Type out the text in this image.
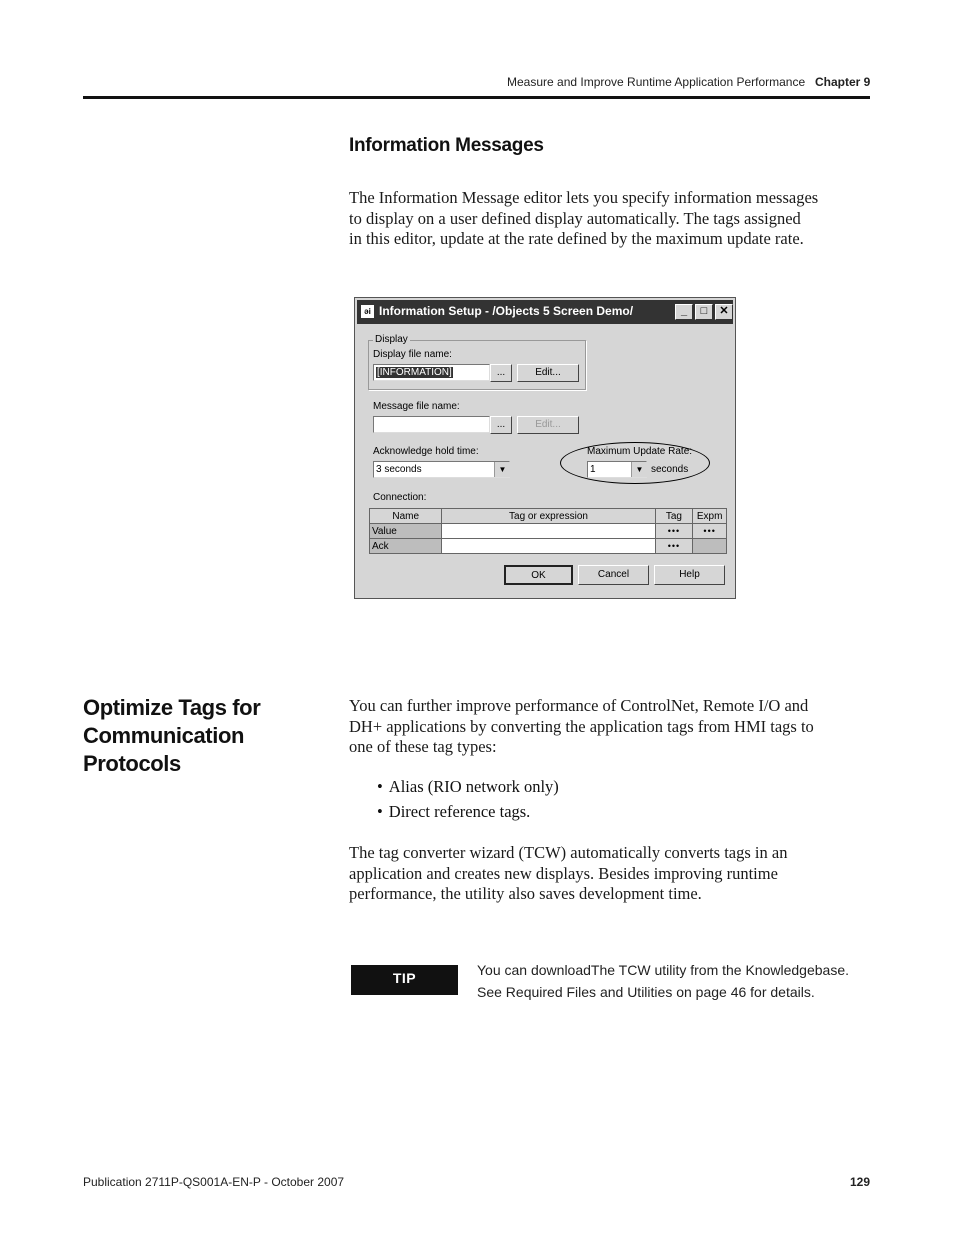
Measure and Improve Runtime Application Performance Chapter 9
Information Messages

The Information Message editor lets you specify information messages

to display on a user defined display automatically. The tags assigned

in this editor, update at the rate defined by the maximum update rate.

ǝi Information Setup - /Objects 5 Screen Demo/	_	□	✕
Display
Display file name:
[INFORMATION]	...	Edit...
Message file name:
...	Edit...
Acknowledge hold time:
3 seconds	▼
Maximum Update Rate:
1	▼ seconds
Connection:
Name	Tag or expression	Tag	Expm
Value		•••	•••
Ack		•••	
OK	Cancel	Help
Optimize Tags for
Communication Protocols

You can further improve performance of ControlNet, Remote I/O and

DH+ applications by converting the application tags from HMI tags to

one of these tag types:

• Alias (RIO network only)
• Direct reference tags.

The tag converter wizard (TCW) automatically converts tags in an

application and creates new displays. Besides improving runtime

performance, the utility also saves development time.

TIP	You can downloadThe TCW utility from the Knowledgebase.
See Required Files and Utilities on page 46 for details.
Publication 2711P-QS001A-EN-P - October 2007	129
